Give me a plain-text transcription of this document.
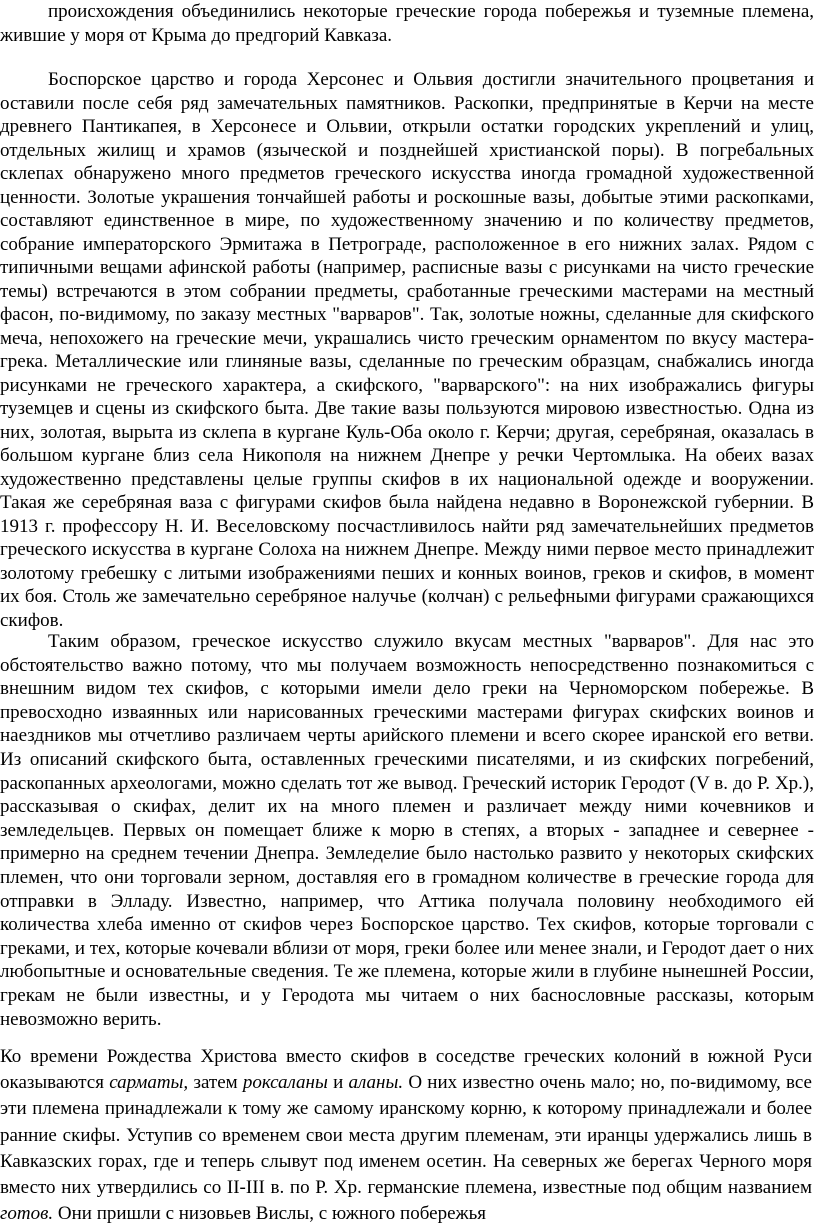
происхождения объединились некоторые греческие города побережья и туземные племена, жившие у моря от Крыма до предгорий Кавказа.

Боспорское царство и города Херсонес и Ольвия достигли значительного процветания и оставили после себя ряд замечательных памятников. Раскопки, предпринятые в Керчи на месте древнего Пантикапея, в Херсонесе и Ольвии, открыли остатки городских укреплений и улиц, отдельных жилищ и храмов (языческой и позднейшей христианской поры). В погребальных склепах обнаружено много предметов греческого искусства иногда громадной художественной ценности. Золотые украшения тончайшей работы и роскошные вазы, добытые этими раскопками, составляют единственное в мире, по художественному значению и по количеству предметов, собрание императорского Эрмитажа в Петрограде, расположенное в его нижних залах. Рядом с типичными вещами афинской работы (например, расписные вазы с рисунками на чисто греческие темы) встречаются в этом собрании предметы, сработанные греческими мастерами на местный фасон, по-видимому, по заказу местных "варваров". Так, золотые ножны, сделанные для скифского меча, непохожего на греческие мечи, украшались чисто греческим орнаментом по вкусу мастера-грека. Металлические или глиняные вазы, сделанные по греческим образцам, снабжались иногда рисунками не греческого характера, а скифского, "варварского": на них изображались фигуры туземцев и сцены из скифского быта. Две такие вазы пользуются мировою известностью. Одна из них, золотая, вырыта из склепа в кургане Куль-Оба около г. Керчи; другая, серебряная, оказалась в большом кургане близ села Никополя на нижнем Днепре у речки Чертомлыка. На обеих вазах художественно представлены целые группы скифов в их национальной одежде и вооружении. Такая же серебряная ваза с фигурами скифов была найдена недавно в Воронежской губернии. В 1913 г. профессору Н. И. Веселовскому посчастливилось найти ряд замечательнейших предметов греческого искусства в кургане Солоха на нижнем Днепре. Между ними первое место принадлежит золотому гребешку с литыми изображениями пеших и конных воинов, греков и скифов, в момент их боя. Столь же замечательно серебряное налучье (колчан) с рельефными фигурами сражающихся скифов.

Таким образом, греческое искусство служило вкусам местных "варваров". Для нас это обстоятельство важно потому, что мы получаем возможность непосредственно познакомиться с внешним видом тех скифов, с которыми имели дело греки на Черноморском побережье. В превосходно изваянных или нарисованных греческими мастерами фигурах скифских воинов и наездников мы отчетливо различаем черты арийского племени и всего скорее иранской его ветви. Из описаний скифского быта, оставленных греческими писателями, и из скифских погребений, раскопанных археологами, можно сделать тот же вывод. Греческий историк Геродот (V в. до Р. Хр.), рассказывая о скифах, делит их на много племен и различает между ними кочевников и земледельцев. Первых он помещает ближе к морю в степях, а вторых - западнее и севернее - примерно на среднем течении Днепра. Земледелие было настолько развито у некоторых скифских племен, что они торговали зерном, доставляя его в громадном количестве в греческие города для отправки в Элладу. Известно, например, что Аттика получала половину необходимого ей количества хлеба именно от скифов через Боспорское царство. Тех скифов, которые торговали с греками, и тех, которые кочевали вблизи от моря, греки более или менее знали, и Геродот дает о них любопытные и основательные сведения. Те же племена, которые жили в глубине нынешней России, грекам не были известны, и у Геродота мы читаем о них баснословные рассказы, которым невозможно верить.

Ко времени Рождества Христова вместо скифов в соседстве греческих колоний в южной Руси оказываются сарматы, затем роксаланы и аланы. О них известно очень мало; но, по-видимому, все эти племена принадлежали к тому же самому иранскому корню, к которому принадлежали и более ранние скифы. Уступив со временем свои места другим племенам, эти иранцы удержались лишь в Кавказских горах, где и теперь слывут под именем осетин. На северных же берегах Черного моря вместо них утвердились со II-III в. по Р. Хр. германские племена, известные под общим названием готов. Они пришли с низовьев Вислы, с южного побережья
